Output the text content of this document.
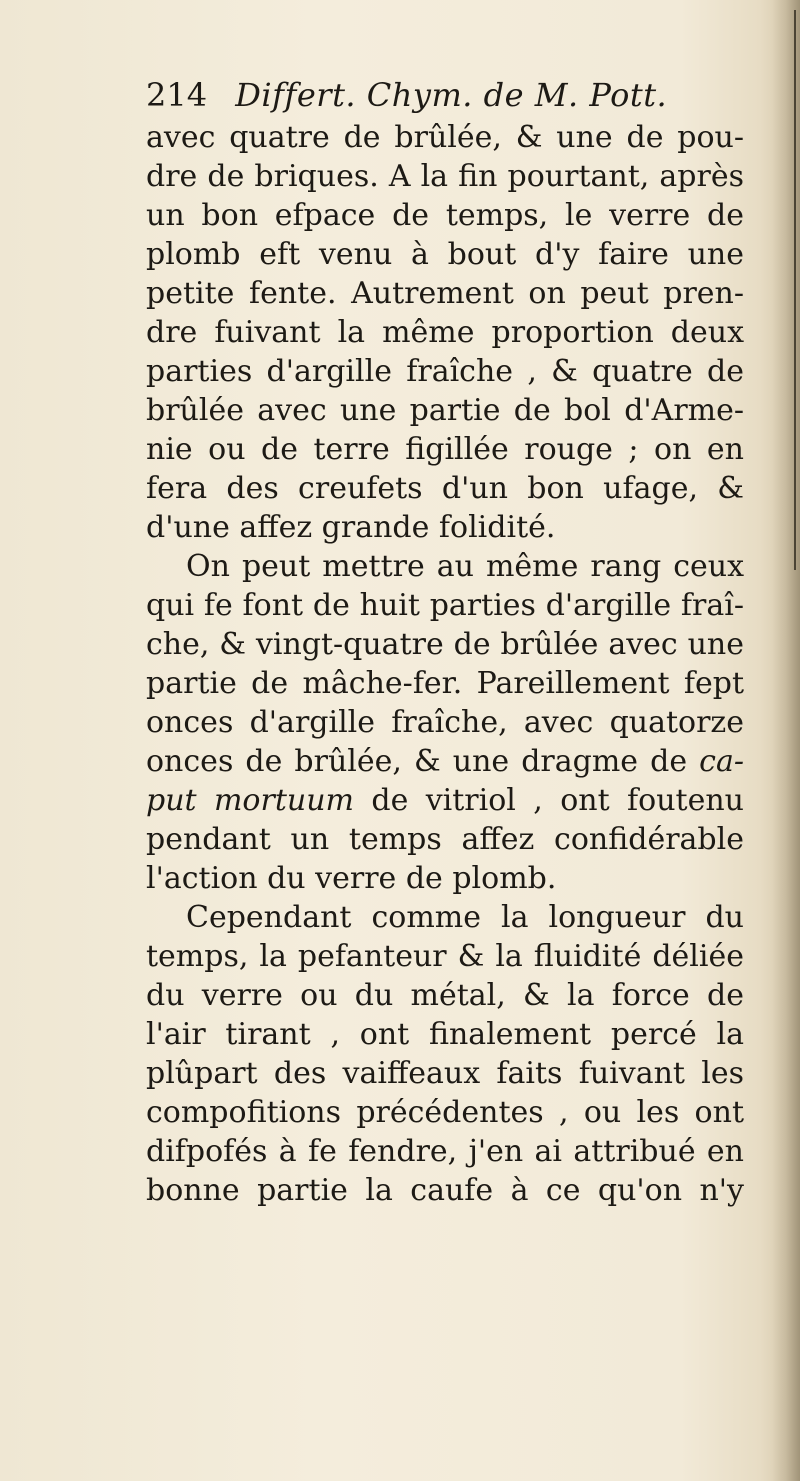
214 Differt. Chym. de M. Pott.
avec quatre de brûlée, & une de pou-
dre de briques. A la fin pourtant, après
un bon efpace de temps, le verre de
plomb eft venu à bout d'y faire une
petite fente. Autrement on peut pren-
dre fuivant la même proportion deux
parties d'argille fraîche , & quatre de
brûlée avec une partie de bol d'Arme-
nie ou de terre figillée rouge ; on en
fera des creufets d'un bon ufage, &
d'une affez grande folidité.
On peut mettre au même rang ceux
qui fe font de huit parties d'argille fraî-
che, & vingt-quatre de brûlée avec une
partie de mâche-fer. Pareillement fept
onces d'argille fraîche, avec quatorze
onces de brûlée, & une dragme de ca-
put mortuum de vitriol , ont foutenu
pendant un temps affez confidérable
l'action du verre de plomb.
Cependant comme la longueur du
temps, la pefanteur & la fluidité déliée
du verre ou du métal, & la force de
l'air tirant , ont finalement percé la
plûpart des vaiffeaux faits fuivant les
compofitions précédentes , ou les ont
difpofés à fe fendre, j'en ai attribué en
bonne partie la caufe à ce qu'on n'y
